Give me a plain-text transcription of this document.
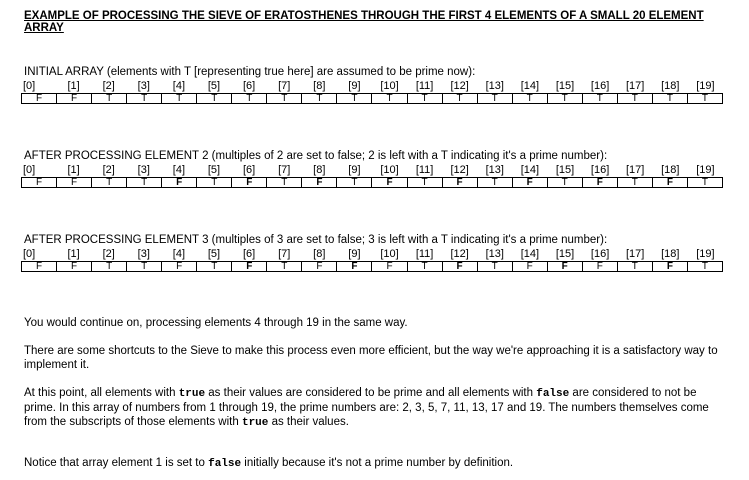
EXAMPLE OF PROCESSING THE SIEVE OF ERATOSTHENES THROUGH THE FIRST 4 ELEMENTS OF A SMALL 20 ELEMENT ARRAY
INITIAL ARRAY (elements with T [representing true here] are assumed to be prime now):
[0]	[1]	[2]	[3]	[4]	[5]	[6]	[7]	[8]	[9]	[10]	[11]	[12]	[13]	[14]	[15]	[16]	[17]	[18]	[19]
F	F	T	T	T	T	T	T	T	T	T	T	T	T	T	T	T	T	T	T
AFTER PROCESSING ELEMENT 2 (multiples of 2 are set to false; 2 is left with a T indicating it's a prime number):
[0]	[1]	[2]	[3]	[4]	[5]	[6]	[7]	[8]	[9]	[10]	[11]	[12]	[13]	[14]	[15]	[16]	[17]	[18]	[19]
F	F	T	T	F	T	F	T	F	T	F	T	F	T	F	T	F	T	F	T
AFTER PROCESSING ELEMENT 3 (multiples of 3 are set to false; 3 is left with a T indicating it's a prime number):
[0]	[1]	[2]	[3]	[4]	[5]	[6]	[7]	[8]	[9]	[10]	[11]	[12]	[13]	[14]	[15]	[16]	[17]	[18]	[19]
F	F	T	T	F	T	F	T	F	F	F	T	F	T	F	F	F	T	F	T
You would continue on, processing elements 4 through 19 in the same way.
There are some shortcuts to the Sieve to make this process even more efficient, but the way we're approaching it is a satisfactory way to implement it.
At this point, all elements with true as their values are considered to be prime and all elements with false are considered to not be prime. In this array of numbers from 1 through 19, the prime numbers are: 2, 3, 5, 7, 11, 13, 17 and 19. The numbers themselves come from the subscripts of those elements with true as their values.
Notice that array element 1 is set to false initially because it's not a prime number by definition.
